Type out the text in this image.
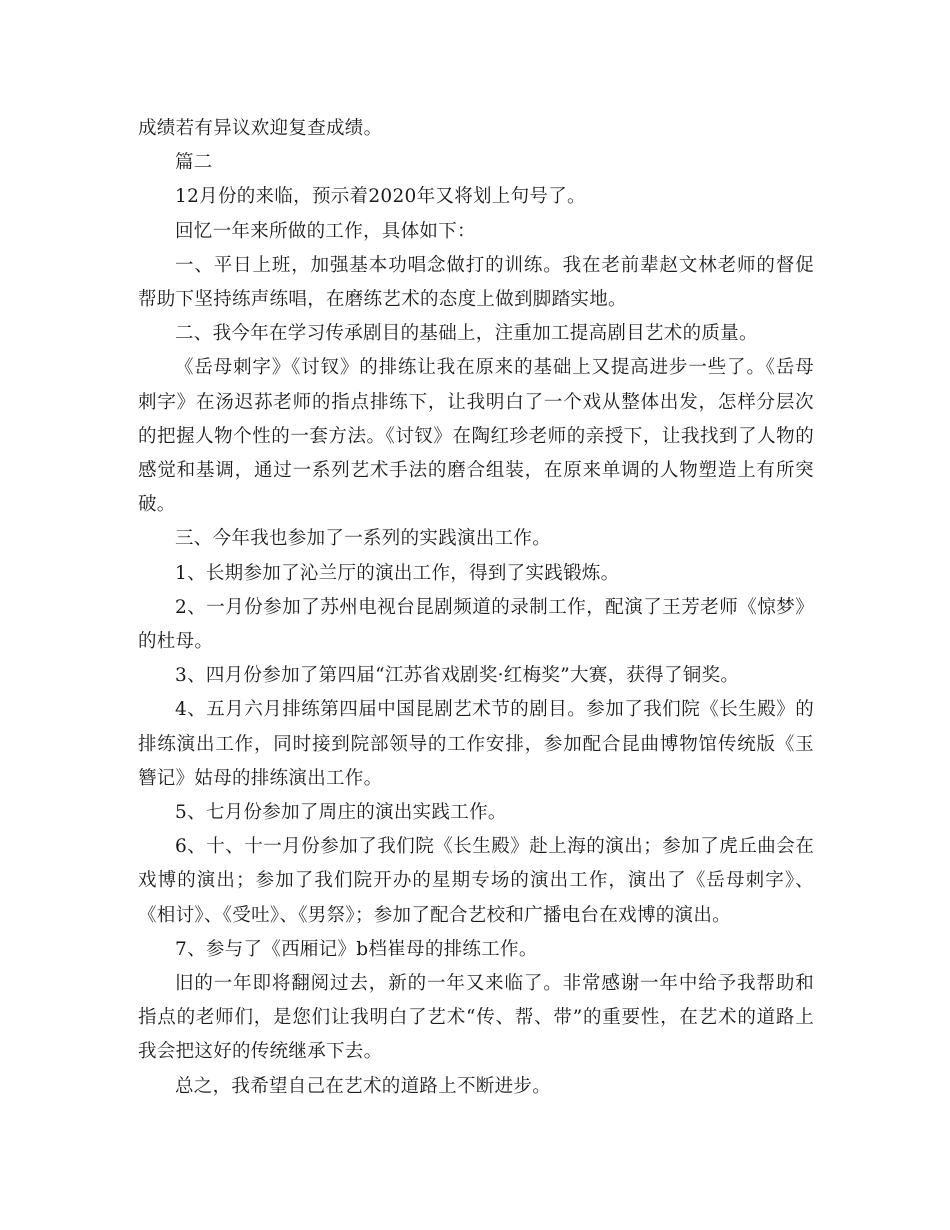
成绩若有异议欢迎复查成绩。

篇二

12月份的来临，预示着2020年又将划上句号了。

回忆一年来所做的工作，具体如下：

一、平日上班，加强基本功唱念做打的训练。我在老前辈赵文林老师的督促帮助下坚持练声练唱，在磨练艺术的态度上做到脚踏实地。

二、我今年在学习传承剧目的基础上，注重加工提高剧目艺术的质量。

《岳母刺字》《讨钗》的排练让我在原来的基础上又提高进步一些了。《岳母刺字》在汤迟荪老师的指点排练下，让我明白了一个戏从整体出发，怎样分层次的把握人物个性的一套方法。《讨钗》在陶红珍老师的亲授下，让我找到了人物的感觉和基调，通过一系列艺术手法的磨合组装，在原来单调的人物塑造上有所突破。

三、今年我也参加了一系列的实践演出工作。

1、长期参加了沁兰厅的演出工作，得到了实践锻炼。

2、一月份参加了苏州电视台昆剧频道的录制工作，配演了王芳老师《惊梦》的杜母。

3、四月份参加了第四届“江苏省戏剧奖·红梅奖”大赛，获得了铜奖。

4、五月六月排练第四届中国昆剧艺术节的剧目。参加了我们院《长生殿》的排练演出工作，同时接到院部领导的工作安排，参加配合昆曲博物馆传统版《玉簪记》姑母的排练演出工作。

5、七月份参加了周庄的演出实践工作。

6、十、十一月份参加了我们院《长生殿》赴上海的演出；参加了虎丘曲会在戏博的演出；参加了我们院开办的星期专场的演出工作，演出了《岳母刺字》、《相讨》、《受吐》、《男祭》；参加了配合艺校和广播电台在戏博的演出。

7、参与了《西厢记》b档崔母的排练工作。

旧的一年即将翻阅过去，新的一年又来临了。非常感谢一年中给予我帮助和指点的老师们，是您们让我明白了艺术“传、帮、带”的重要性，在艺术的道路上我会把这好的传统继承下去。

总之，我希望自己在艺术的道路上不断进步。
